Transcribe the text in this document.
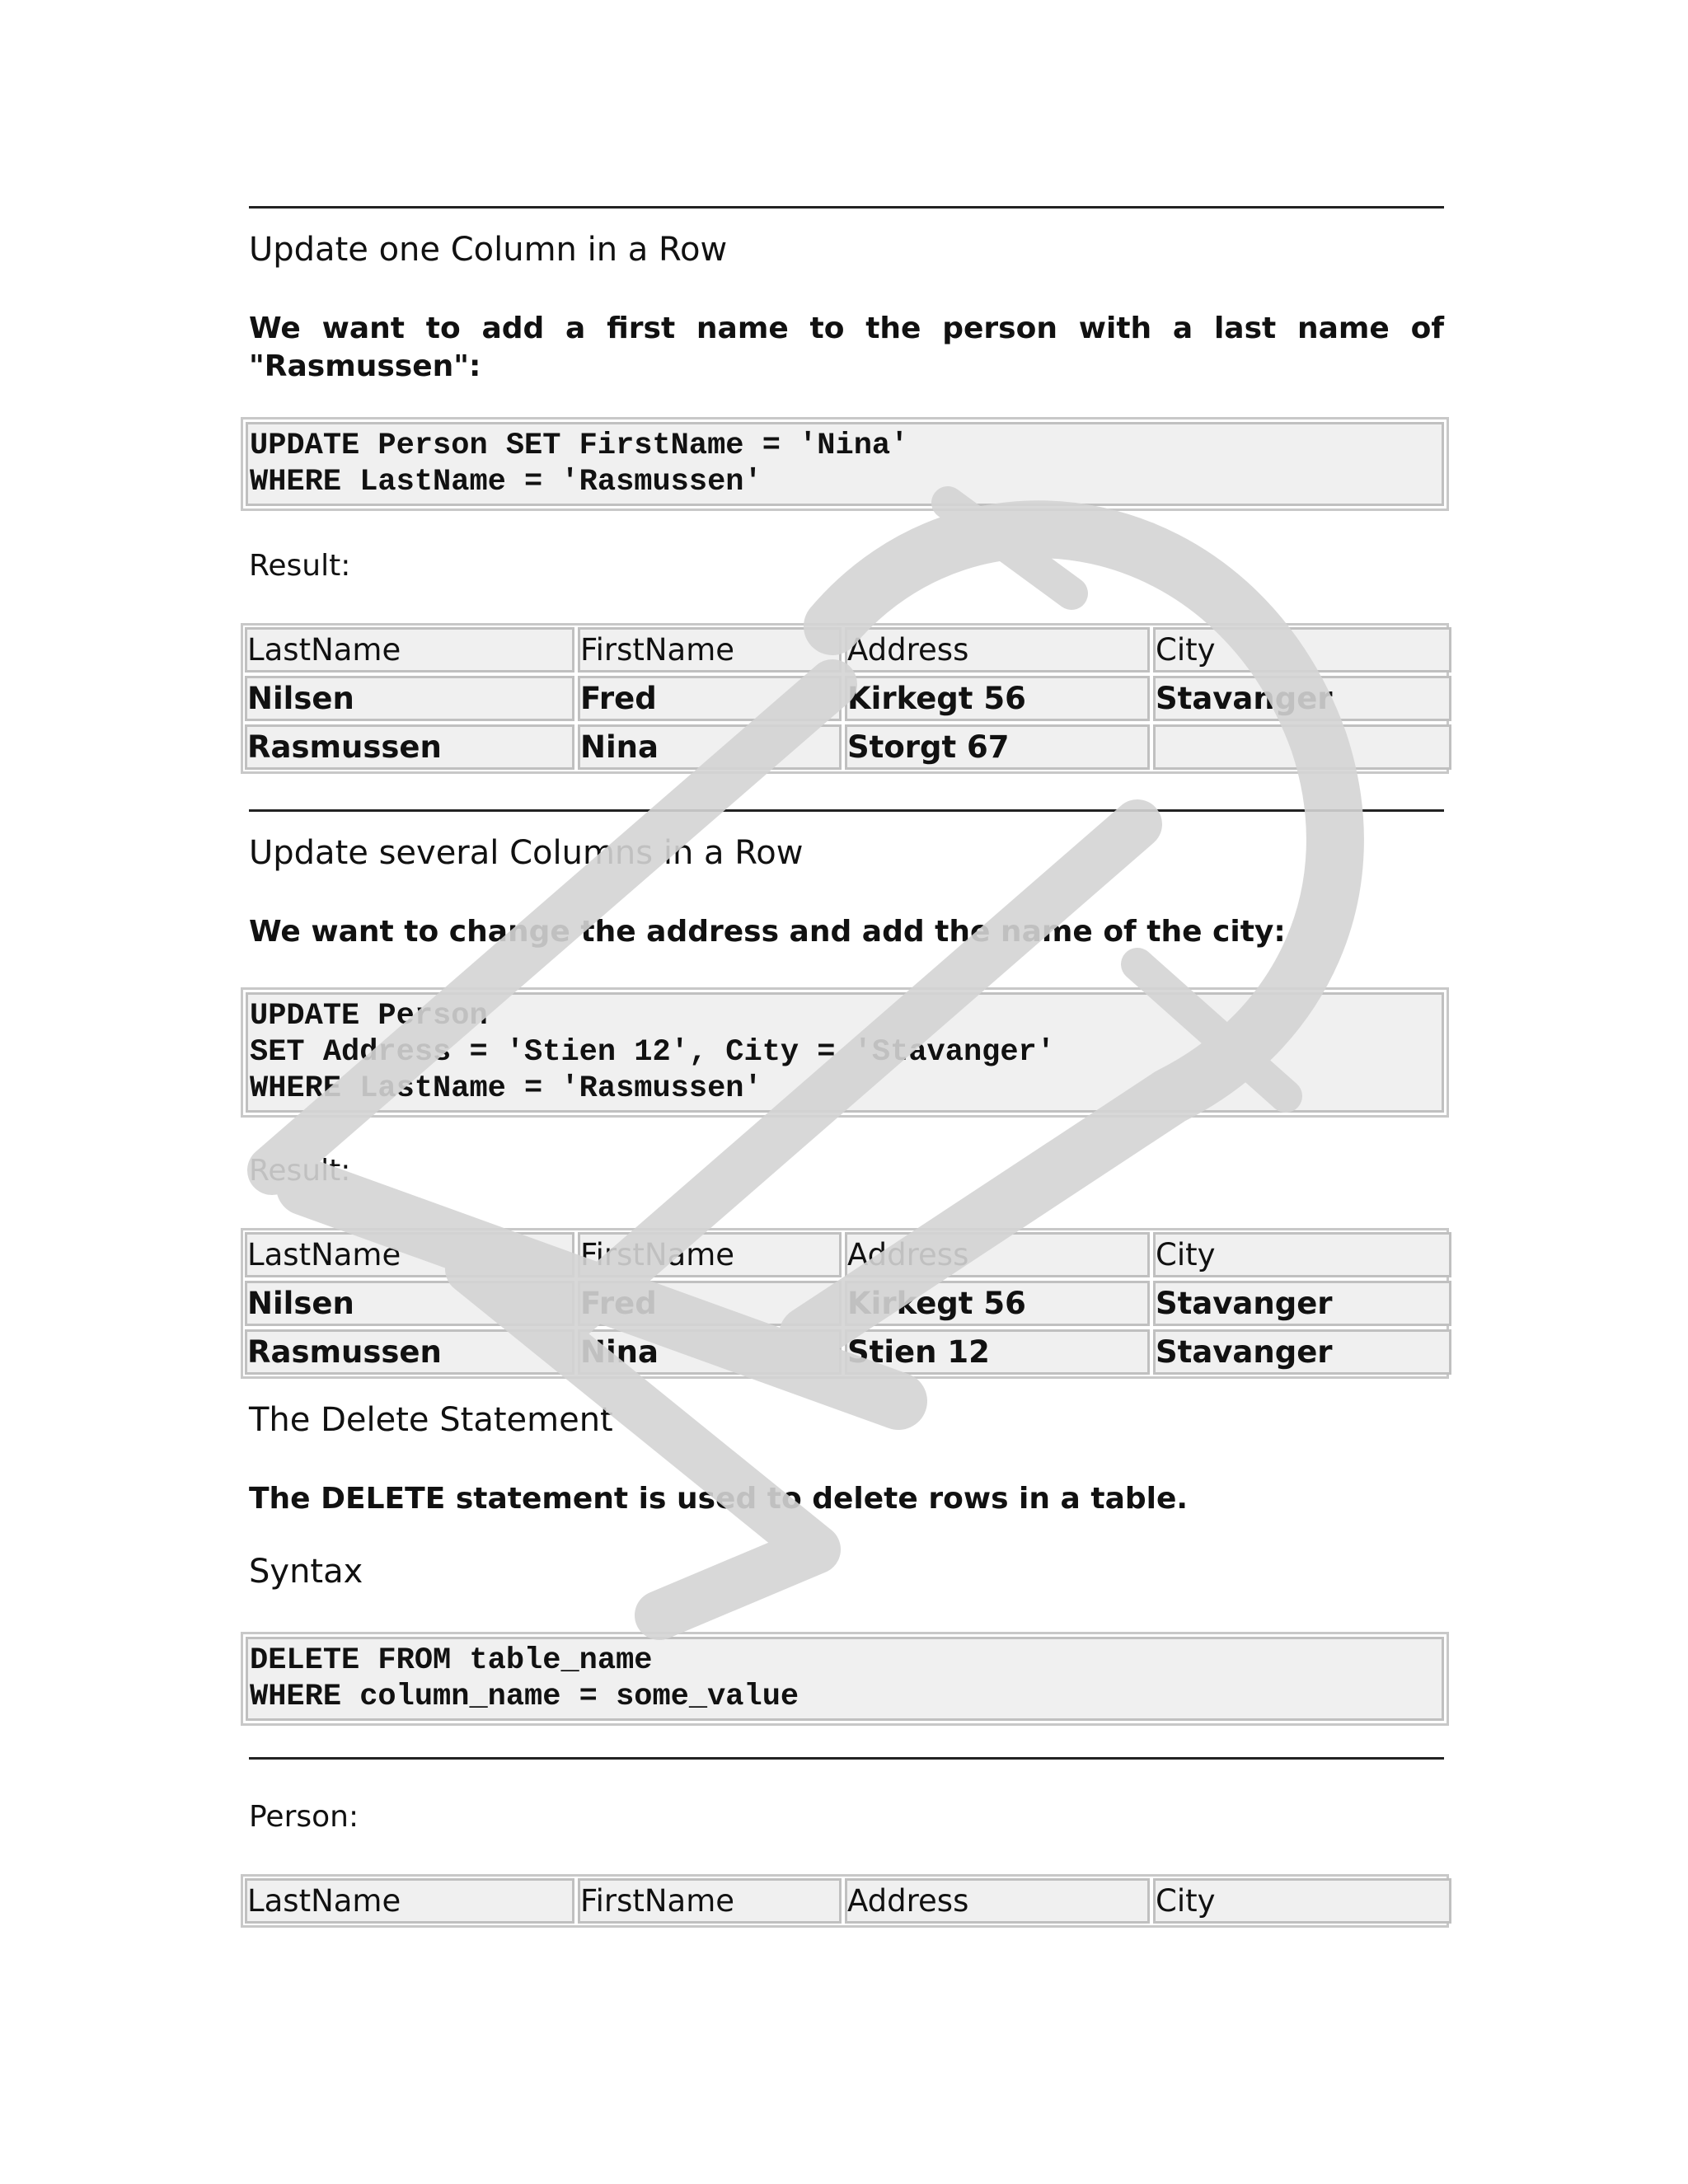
Update one Column in a Row

We want to add a first name to the person with a last name of "Rasmussen":

UPDATE Person SET FirstName = 'Nina'
WHERE LastName = 'Rasmussen'
Result:
LastName	FirstName	Address	City
Nilsen	Fred	Kirkegt 56	Stavanger
Rasmussen	Nina	Storgt 67
Update several Columns in a Row

We want to change the address and add the name of the city:

UPDATE Person
SET Address = 'Stien 12', City = 'Stavanger'
WHERE LastName = 'Rasmussen'
Result:
LastName	FirstName	Address	City
Nilsen	Fred	Kirkegt 56	Stavanger
Rasmussen	Nina	Stien 12	Stavanger
The Delete Statement

The DELETE statement is used to delete rows in a table.

Syntax
DELETE FROM table_name
WHERE column_name = some_value
Person:
LastName	FirstName	Address	City
